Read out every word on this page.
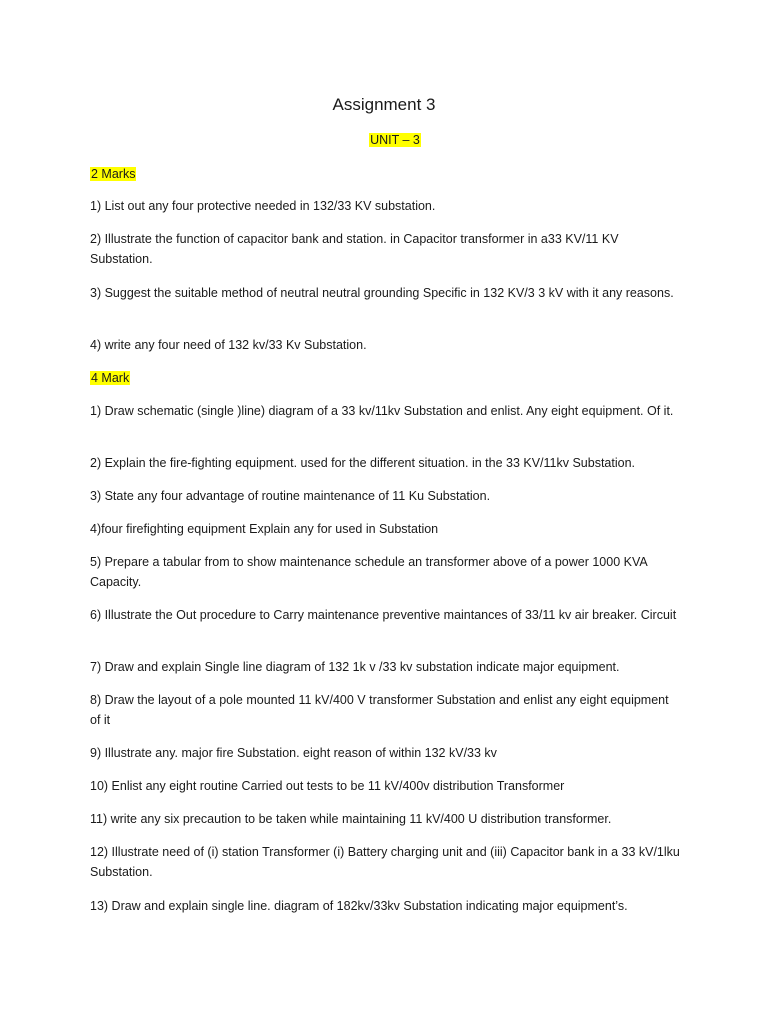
Assignment 3
UNIT – 3
2 Marks

1) List out any four protective needed in 132/33 KV substation.

2) Illustrate the function of capacitor bank and station. in Capacitor transformer in a33 KV/11 KV Substation.

3) Suggest the suitable method of neutral neutral grounding Specific in 132 KV/3 3 kV with it any reasons.

4) write any four need of 132 kv/33 Kv Substation.

4 Mark

1) Draw schematic (single )line) diagram of a 33 kv/11kv Substation and enlist. Any eight equipment. Of it.

2) Explain the fire-fighting equipment. used for the different situation. in the 33 KV/11kv Substation.

3) State any four advantage of routine maintenance of 11 Ku Substation.

4)four firefighting equipment Explain any for used in Substation

5) Prepare a tabular from to show maintenance schedule an transformer above of a power 1000 KVA Capacity.

6) Illustrate the Out procedure to Carry maintenance preventive maintances of 33/11 kv air breaker. Circuit

7) Draw and explain Single line diagram of 132 1k v /33 kv substation indicate major equipment.

8) Draw the layout of a pole mounted 11 kV/400 V transformer Substation and enlist any eight equipment of it

9) Illustrate any. major fire Substation. eight reason of within 132 kV/33 kv

10) Enlist any eight routine Carried out tests to be 11 kV/400v distribution Transformer

11) write any six precaution to be taken while maintaining 11 kV/400 U distribution transformer.

12) Illustrate need of (i) station Transformer (i) Battery charging unit and (iii) Capacitor bank in a 33 kV/1lku Substation.

13) Draw and explain single line. diagram of 182kv/33kv Substation indicating major equipment’s.
